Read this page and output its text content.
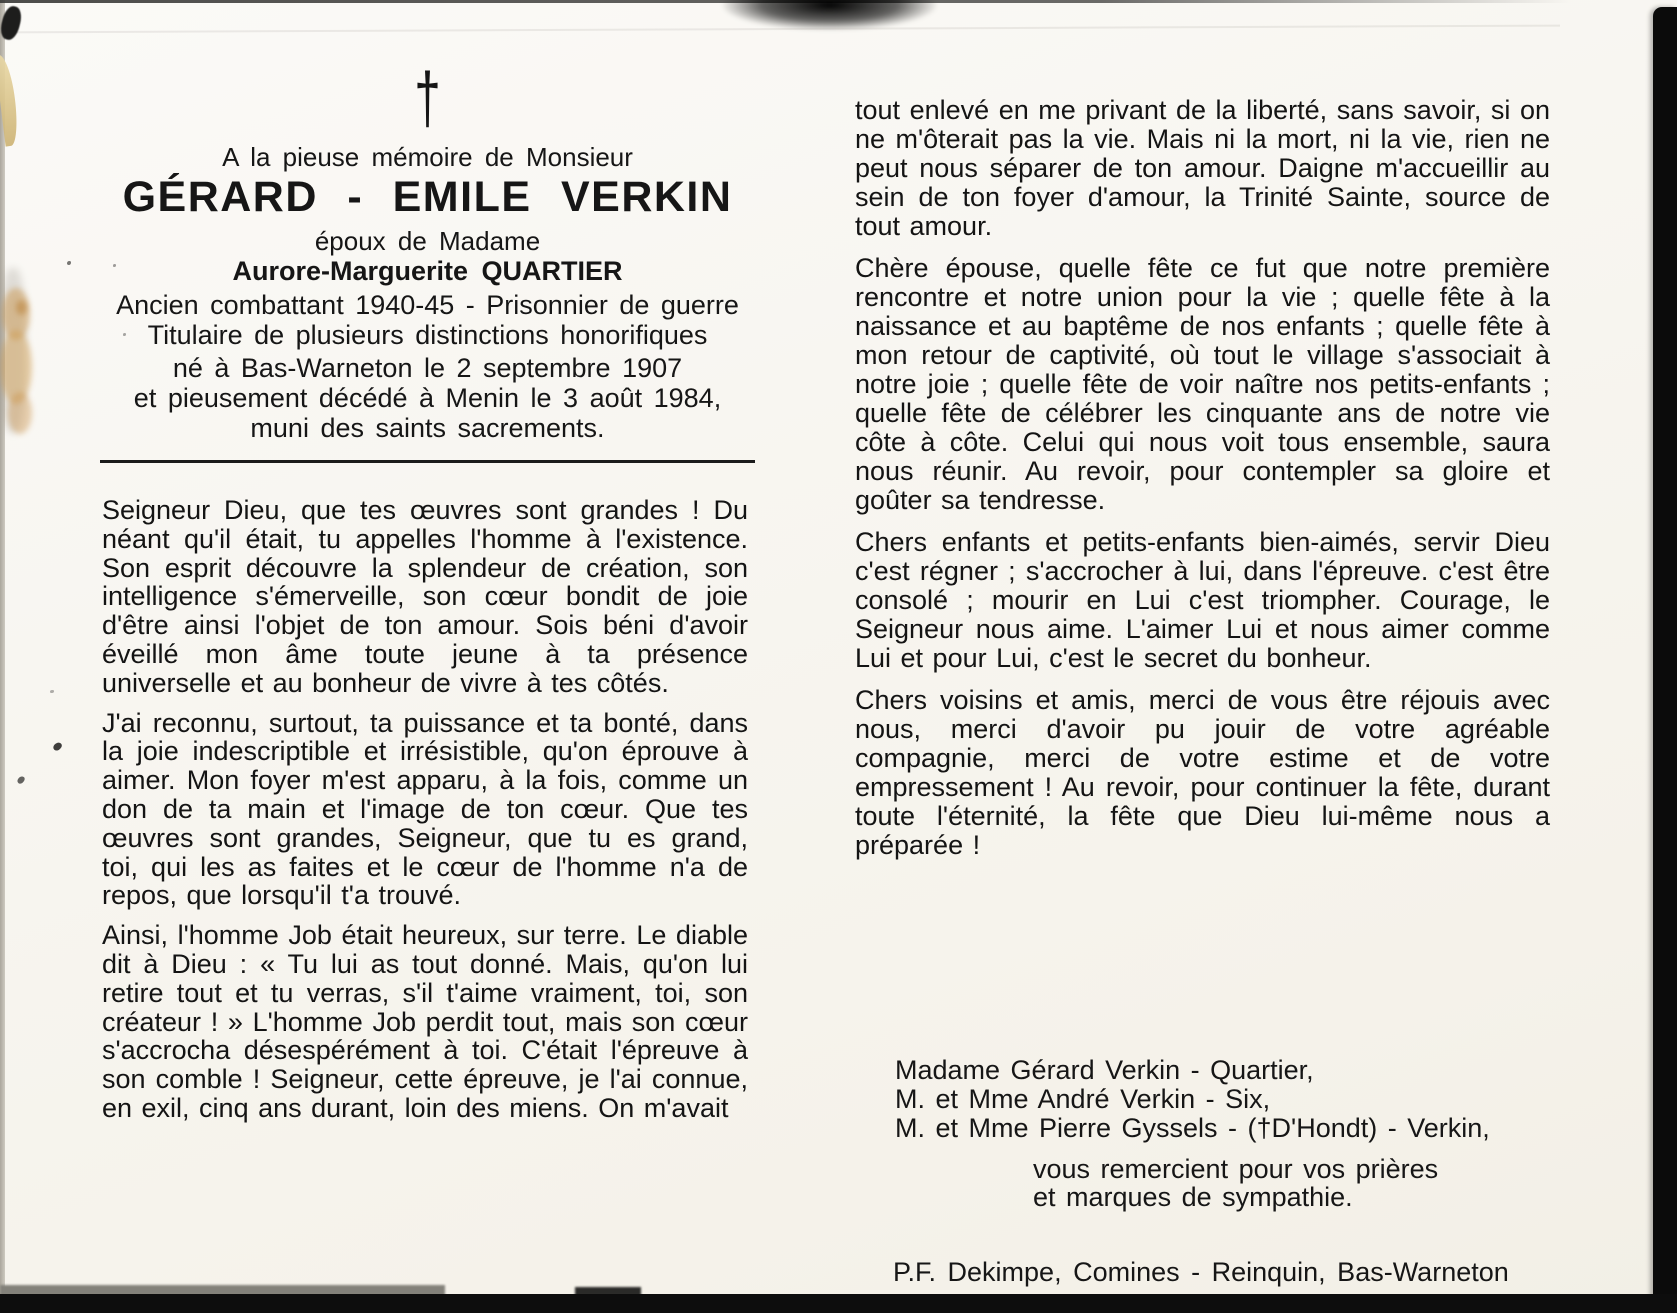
†
A la pieuse mémoire de Monsieur
GÉRARD - EMILE VERKIN
époux de Madame
Aurore-Marguerite QUARTIER
Ancien combattant 1940-45 - Prisonnier de guerre
Titulaire de plusieurs distinctions honorifiques
né à Bas-Warneton le 2 septembre 1907
et pieusement décédé à Menin le 3 août 1984,
muni des saints sacrements.

Seigneur Dieu, que tes œuvres sont grandes ! Du néant qu'il était, tu appelles l'homme à l'existence. Son esprit découvre la splendeur de création, son intelligence s'émerveille, son cœur bondit de joie d'être ainsi l'objet de ton amour. Sois béni d'avoir éveillé mon âme toute jeune à ta présence universelle et au bonheur de vivre à tes côtés.

J'ai reconnu, surtout, ta puissance et ta bonté, dans la joie indescriptible et irrésistible, qu'on éprouve à aimer. Mon foyer m'est apparu, à la fois, comme un don de ta main et l'image de ton cœur. Que tes œuvres sont grandes, Seigneur, que tu es grand, toi, qui les as faites et le cœur de l'homme n'a de repos, que lorsqu'il t'a trouvé.

Ainsi, l'homme Job était heureux, sur terre. Le diable dit à Dieu : « Tu lui as tout donné. Mais, qu'on lui retire tout et tu verras, s'il t'aime vraiment, toi, son créateur ! » L'homme Job perdit tout, mais son cœur s'accrocha désespérément à toi. C'était l'épreuve à son comble ! Seigneur, cette épreuve, je l'ai connue, en exil, cinq ans durant, loin des miens. On m'avait

tout enlevé en me privant de la liberté, sans savoir, si on ne m'ôterait pas la vie. Mais ni la mort, ni la vie, rien ne peut nous séparer de ton amour. Daigne m'accueillir au sein de ton foyer d'amour, la Trinité Sainte, source de tout amour.

Chère épouse, quelle fête ce fut que notre première rencontre et notre union pour la vie ; quelle fête à la naissance et au baptême de nos enfants ; quelle fête à mon retour de captivité, où tout le village s'associait à notre joie ; quelle fête de voir naître nos petits-enfants ; quelle fête de célébrer les cinquante ans de notre vie côte à côte. Celui qui nous voit tous ensemble, saura nous réunir. Au revoir, pour contempler sa gloire et goûter sa tendresse.

Chers enfants et petits-enfants bien-aimés, servir Dieu c'est régner ; s'accrocher à lui, dans l'épreuve. c'est être consolé ; mourir en Lui c'est triompher. Courage, le Seigneur nous aime. L'aimer Lui et nous aimer comme Lui et pour Lui, c'est le secret du bonheur.

Chers voisins et amis, merci de vous être réjouis avec nous, merci d'avoir pu jouir de votre agréable compagnie, merci de votre estime et de votre empressement ! Au revoir, pour continuer la fête, durant toute l'éternité, la fête que Dieu lui-même nous a préparée !

Madame Gérard Verkin - Quartier,

M. et Mme André Verkin - Six,

M. et Mme Pierre Gyssels - (†D'Hondt) - Verkin,

vous remercient pour vos prières

et marques de sympathie.

P.F. Dekimpe, Comines - Reinquin, Bas-Warneton
